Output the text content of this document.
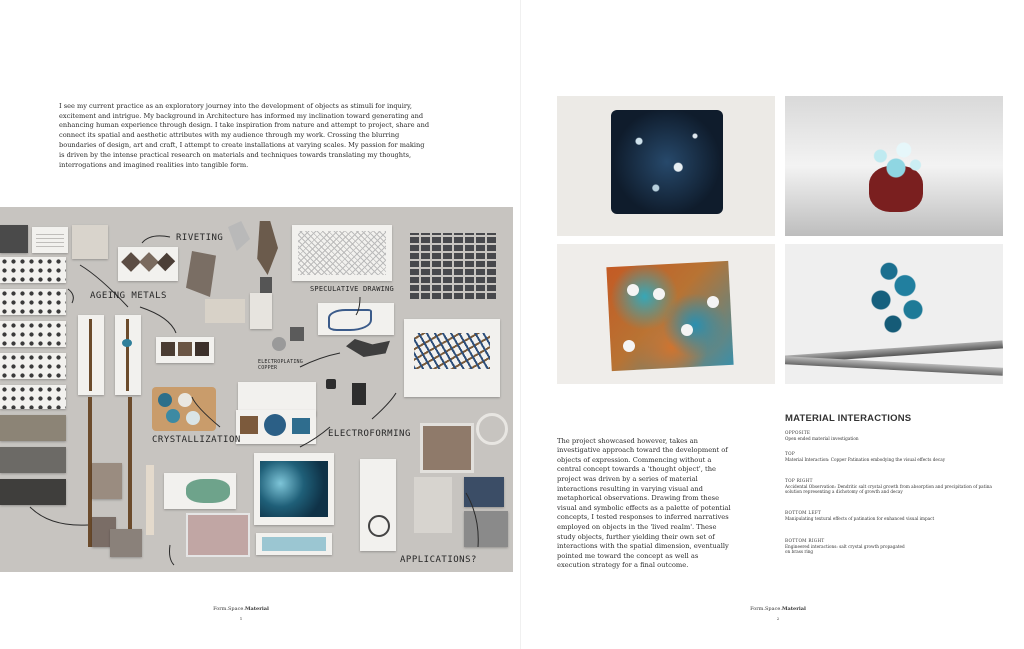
I see my current practice as an exploratory journey into the development of objects as stimuli for inquiry, excitement and intrigue. My background in Architecture has informed my inclination toward generating and enhancing human experience through design. I take inspiration from nature and attempt to project, share and connect its spatial and aesthetic attributes with my audience through my work. Crossing the blurring boundaries of design, art and craft, I attempt to create installations at varying scales. My passion for making is driven by the intense practical research on materials and techniques towards translating my thoughts, interrogations and imagined realities into tangible form.

RIVETING
AGEING METALS
SPECULATIVE DRAWING
ELECTROPLATING COPPER
CRYSTALLIZATION
ELECTROFORMING
APPLICATIONS?
Form.Space.Material
1

The project showcased however, takes an investigative approach toward the development of objects of expression. Commencing without a central concept towards a 'thought object', the project was driven by a series of material interactions resulting in varying visual and metaphorical observations. Drawing from these visual and symbolic effects as a palette of potential concepts, I tested responses to inferred narratives employed on objects in the 'lived realm'. These study objects, further yielding their own set of interactions with the spatial dimension, eventually pointed me toward the concept as well as execution strategy for a final outcome.

MATERIAL INTERACTIONS
OPPOSITE
Open ended material investigation
TOP
Material Interaction: Copper Patination embodying the visual effects decay
TOP RIGHT
Accidental Observation: Dendritic salt crystal growth from absorption and precipitation of patina solution representing a dichotomy of growth and decay
BOTTOM LEFT
Manipulating textural effects of patination for enhanced visual impact
BOTTOM RIGHT
Engineered interactions: salt crystal growth propagated on brass ring
Form.Space.Material
2
